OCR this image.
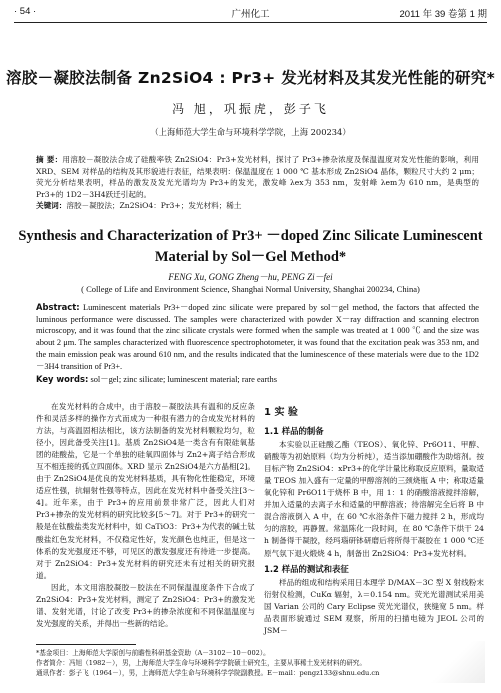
· 54 ·	广州化工	2011 年 39 卷第 1 期
溶胶－凝胶法制备 Zn2SiO4 : Pr3+ 发光材料及其发光性能的研究*
冯 旭，巩振虎，彭子飞
（上海师范大学生命与环境科学学院，上海 200234）
摘 要：用溶胶－凝胶法合成了硅酸率铁 Zn2SiO4：Pr3+发光材料，探讨了 Pr3+掺杂浓度及保温温度对发光性能的影响，利用 XRD、SEM 对样品的结构及其形貌进行表征，结果表明：保温温度在 1 000 ℃ 基本形成 Zn2SiO4 晶体，颗粒尺寸大约 2 μm；荧光分析结果表明，样品的激发及发光光谱均为 Pr3+的发光，激发峰 λex为 353 nm，发射峰 λem为 610 nm，是典型的 Pr3+的 1D2－3H4跃迁引起的。
关键词：溶胶－凝胶法；Zn2SiO4：Pr3+；发光材料；稀土
Synthesis and Characterization of Pr3+ －doped Zinc Silicate Luminescent
Material by Sol－Gel Method*
FENG Xu, GONG Zheng－hu, PENG Zi－fei
( College of Life and Environment Science, Shanghai Normal University, Shanghai 200234, China)
Abstract: Luminescent materials Pr3+－doped zinc silicate were prepared by sol－gel method, the factors that affected the luminous performance were discussed. The samples were characterized with powder X－ray diffraction and scanning electron microscopy, and it was found that the zinc silicate crystals were formed when the sample was treated at 1 000 ℃ and the size was about 2 μm. The samples characterized with fluorescence spectrophotometer, it was found that the excitation peak was 353 nm, and the main emission peak was around 610 nm, and the results indicated that the luminescence of these materials were due to the 1D2－3H4 transition of Pr3+.
Key words: sol－gel; zinc silicate; luminescent material; rare earths

在发光材料的合成中，由于溶胶－凝胶法具有温和的反应条件和灵活多样的操作方式而成为一种很有潜力的合成发光材料的方法，与高温固相法相比，该方法制备的发光材料颗粒均匀，粒径小，因此备受关注[1]。基质 Zn2SiO4是一类含有有限硅氧基团的硅酸盐，它是一个单独的硅氧四面体与 Zn2+离子结合形成互不相连接的孤立四面体。XRD 显示 Zn2SiO4是六方晶相[2]。由于 Zn2SiO4是优良的发光材料基质，具有物化性能稳定，环境适应性强，抗辐射性强等特点，因此在发光材料中备受关注[3～4]。近年来，由于 Pr3+的应用前景非常广泛，因此人们对 Pr3+掺杂的发光材料的研究比较多[5～7]。对于 Pr3+的研究一般是在钛酸盐类发光材料中，如 CaTiO3：Pr3+为代表的碱土钛酸盐红色发光材料，不仅稳定性好，发光颜色也纯正，但是这一体系的发光强度还不够，可见区的激发强度还有待进一步提高。对于 Zn2SiO4：Pr3+发光材料的研究还未有过相关的研究报道。

因此，本文用溶胶凝胶－胶法在不同保温温度条件下合成了 Zn2SiO4：Pr3+发光材料，测定了 Zn2SiO4：Pr3+的激发光谱、发射光谱，讨论了改变 Pr3+的掺杂浓度和不同保温温度与发光强度的关系，并得出一些新的结论。

1 实 验
1.1 样品的制备

本实验以正硅酸乙酯（TEOS）、氧化锌、Pr6O11、甲醇、硝酸等为初始原料（均为分析纯），适当添加硼酸作为助熔剂。按目标产物 Zn2SiO4：xPr3+的化学计量比称取反应原料，量取适量 TEOS 加入盛有一定量的甲醇溶剂的三颈烧瓶 A 中；称取适量氧化锌和 Pr6O11于烧杯 B 中，用 1：1 的硝酸溶液搅拌溶解，并加入适量的去离子水和适量的甲醇溶液；待溶解完全后将 B 中混合溶液倒入 A 中，在 60 ℃水浴条件下磁力搅拌 2 h，形成均匀的溶胶，再静置。常温陈化一段时间，在 80 ℃条件下烘干 24 h 制备得干凝胶，经玛瑙研钵研磨后将所得干凝胶在 1 000 ℃还原气氛下退火煅烧 4 h，制备出 Zn2SiO4：Pr3+发光材料。

1.2 样品的测试和表征

样品的组成和结构采用日本理学 D/MAX－3C 型 X 射线粉末衍射仪检测，CuKα 辐射，λ＝0.154 nm。荧光光谱测试采用美国 Varian 公司的 Cary Eclipse 荧光光谱仪，狭缝宽 5 nm。样品表面形貌通过 SEM 观察，所用的扫描电镜为 JEOL 公司的 JSM－

*基金项目：上海师范大学原创与前瞻性科研基金资助（A－3102－10－002）。
作者简介：冯旭（1982－），男，上海师范大学生命与环境科学学院硕士研究生，主要从事稀土发光材料的研究。
通讯作者：彭子飞（1964－），男，上海师范大学生命与环境科学学院副教授。E－mail：pengz133@shnu.edu.cn
